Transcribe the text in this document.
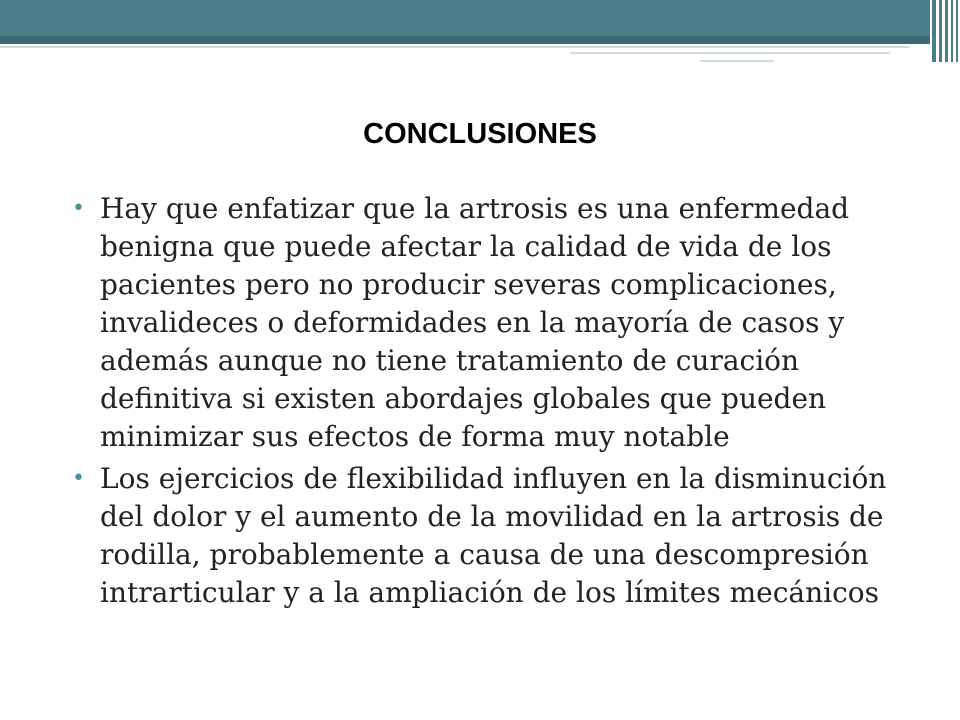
CONCLUSIONES
• Hay que enfatizar que la artrosis es una enfermedad benigna que puede afectar la calidad de vida de los pacientes pero no producir severas complicaciones, invalideces o deformidades en la mayoría de casos y además aunque no tiene tratamiento de curación definitiva si existen abordajes globales que pueden minimizar sus efectos de forma muy notable
• Los ejercicios de flexibilidad influyen en la disminución del dolor y el aumento de la movilidad en la artrosis de rodilla, probablemente a causa de una descompresión intrarticular y a la ampliación de los límites mecánicos
